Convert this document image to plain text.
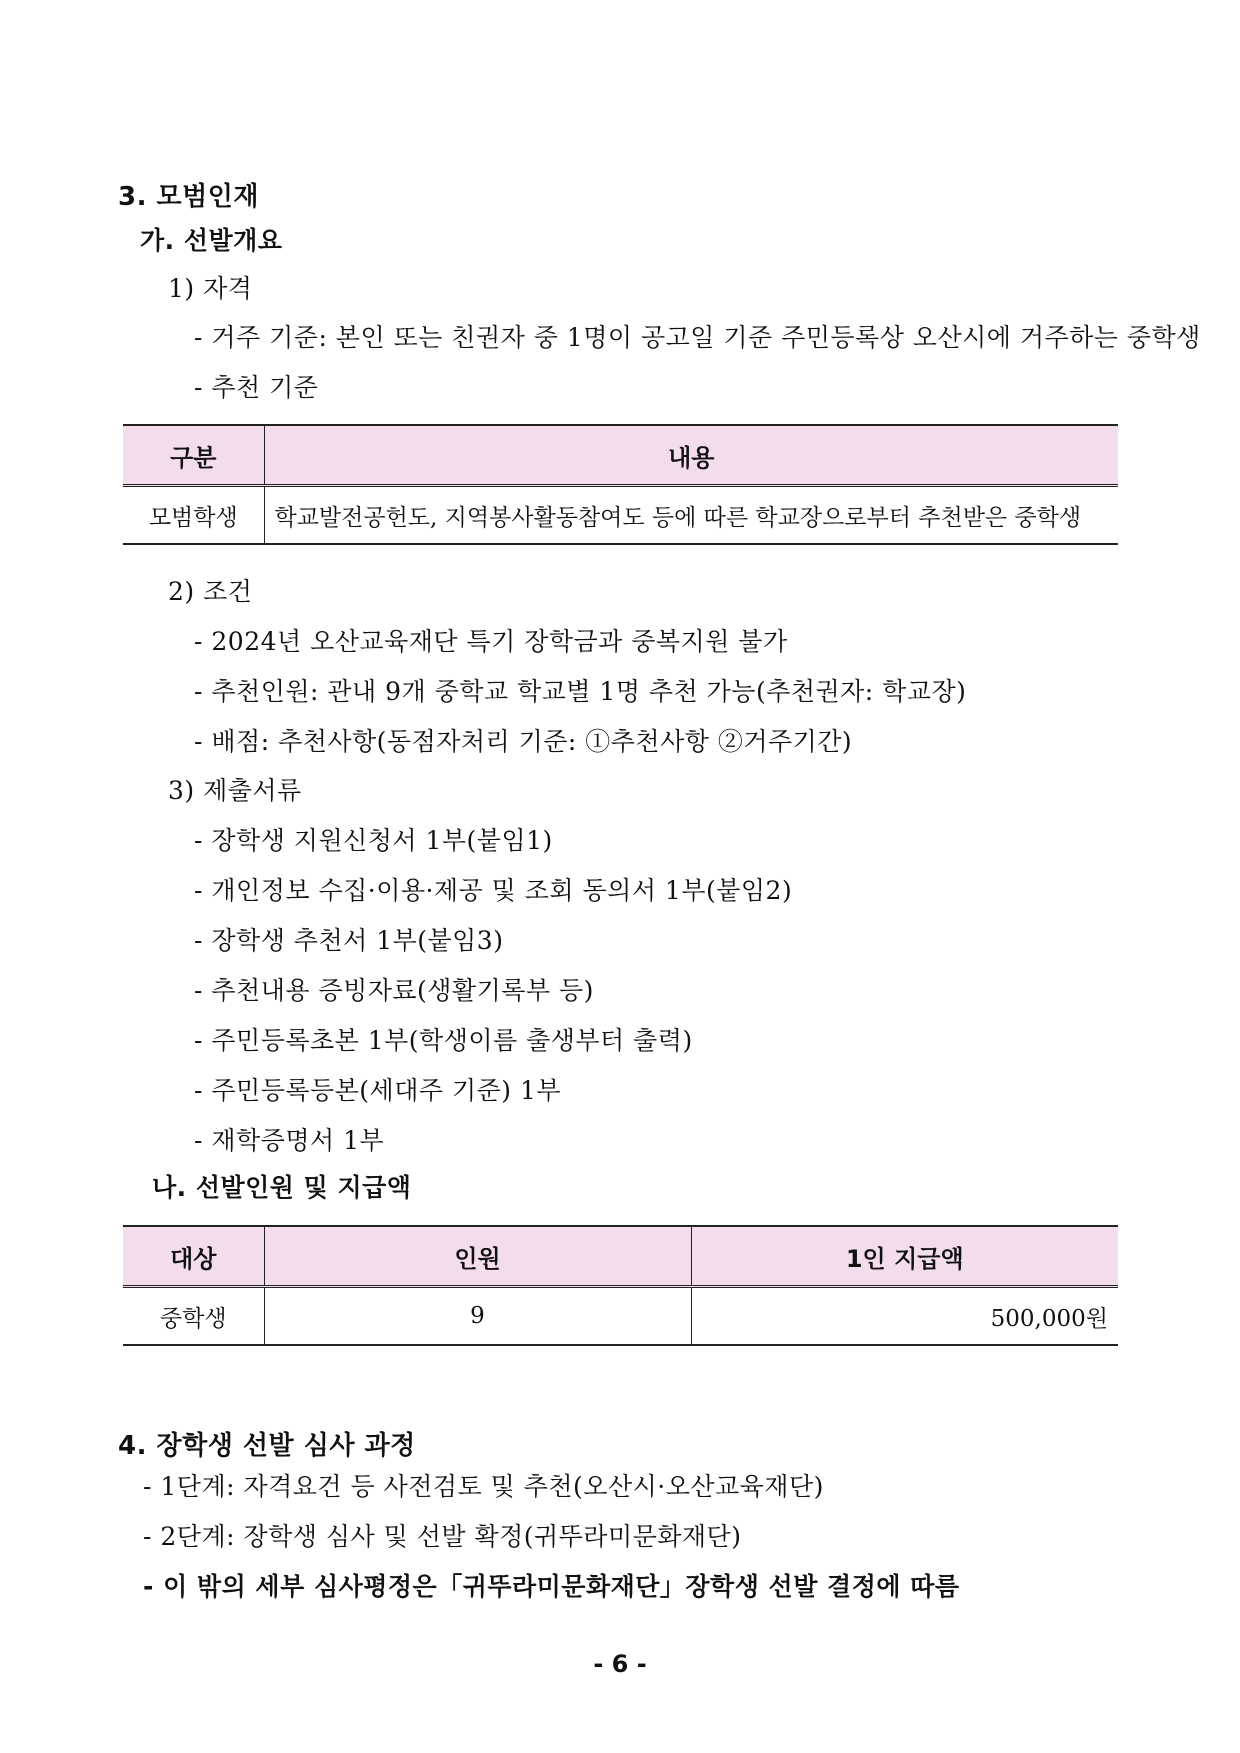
3. 모범인재
가. 선발개요
1) 자격
- 거주 기준: 본인 또는 친권자 중 1명이 공고일 기준 주민등록상 오산시에 거주하는 중학생
- 추천 기준
구분	내용
모범학생	학교발전공헌도, 지역봉사활동참여도 등에 따른 학교장으로부터 추천받은 중학생
2) 조건
- 2024년 오산교육재단 특기 장학금과 중복지원 불가
- 추천인원: 관내 9개 중학교 학교별 1명 추천 가능(추천권자: 학교장)
- 배점: 추천사항(동점자처리 기준: ①추천사항 ②거주기간)
3) 제출서류
- 장학생 지원신청서 1부(붙임1)
- 개인정보 수집·이용·제공 및 조회 동의서 1부(붙임2)
- 장학생 추천서 1부(붙임3)
- 추천내용 증빙자료(생활기록부 등)
- 주민등록초본 1부(학생이름 출생부터 출력)
- 주민등록등본(세대주 기준) 1부
- 재학증명서 1부
나. 선발인원 및 지급액
대상	인원	1인 지급액
중학생	9	500,000원
4. 장학생 선발 심사 과정
- 1단계: 자격요건 등 사전검토 및 추천(오산시·오산교육재단)
- 2단계: 장학생 심사 및 선발 확정(귀뚜라미문화재단)
- 이 밖의 세부 심사평정은「귀뚜라미문화재단」장학생 선발 결정에 따름
- 6 -
